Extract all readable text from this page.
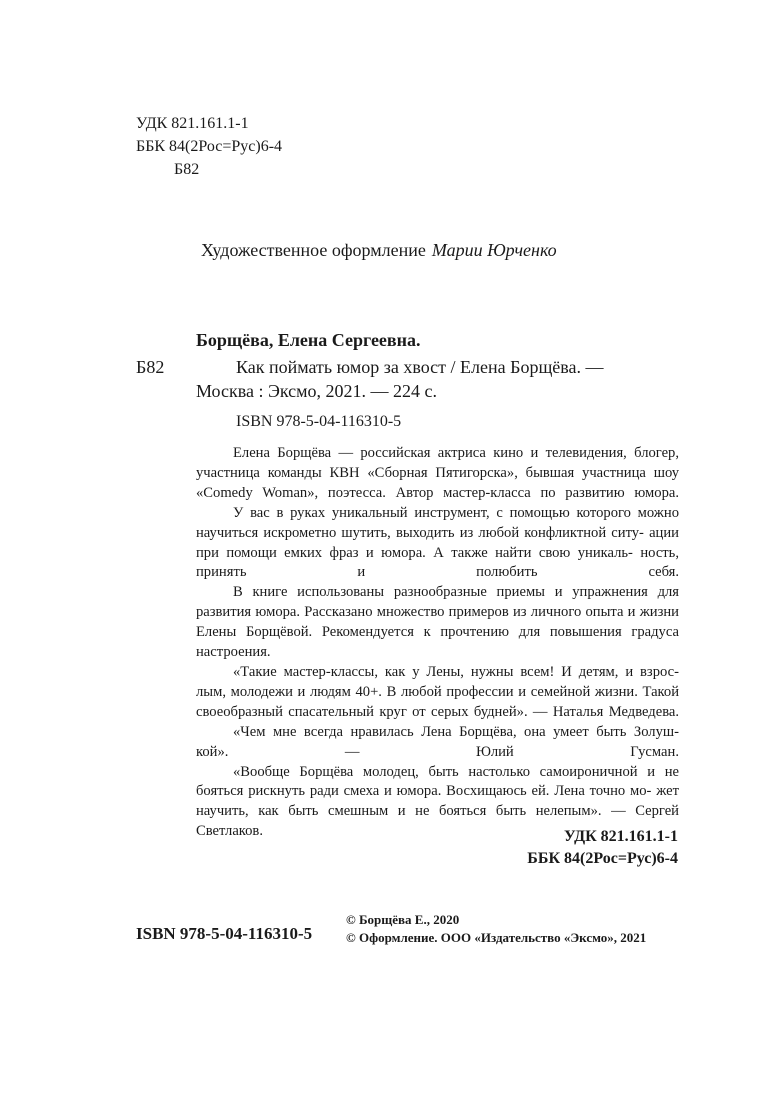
УДК 821.161.1-1
ББК 84(2Рос=Рус)6-4
Б82
Художественное оформление Марии Юрченко
Борщёва, Елена Сергеевна.
Б82	Как поймать юмор за хвост / Елена Борщёва. —
Москва : Эксмо, 2021. — 224 с.
ISBN 978-5-04-116310-5

Елена Борщёва — российская актриса кино и телевидения, блогер, участница команды КВН «Сборная Пятигорска», бывшая участница шоу «Comedy Woman», поэтесса. Автор мастер-класса по развитию юмора.

У вас в руках уникальный инструмент, с помощью которого можно научиться искрометно шутить, выходить из любой конфликтной ситу- ации при помощи емких фраз и юмора. А также найти свою уникаль- ность, принять и полюбить себя.

В книге использованы разнообразные приемы и упражнения для развития юмора. Рассказано множество примеров из личного опыта и жизни Елены Борщёвой. Рекомендуется к прочтению для повышения градуса настроения.

«Такие мастер-классы, как у Лены, нужны всем! И детям, и взрос- лым, молодежи и людям 40+. В любой профессии и семейной жизни. Такой своеобразный спасательный круг от серых будней». — Наталья Медведева.

«Чем мне всегда нравилась Лена Борщёва, она умеет быть Золуш- кой». — Юлий Гусман.

«Вообще Борщёва молодец, быть настолько самоироничной и не бояться рискнуть ради смеха и юмора. Восхищаюсь ей. Лена точно мо- жет научить, как быть смешным и не бояться быть нелепым». — Сергей Светлаков.	УДК 821.161.1-1
ББК 84(2Рос=Рус)6-4
ISBN 978-5-04-116310-5
© Борщёва Е., 2020
© Оформление. ООО «Издательство «Эксмо», 2021
